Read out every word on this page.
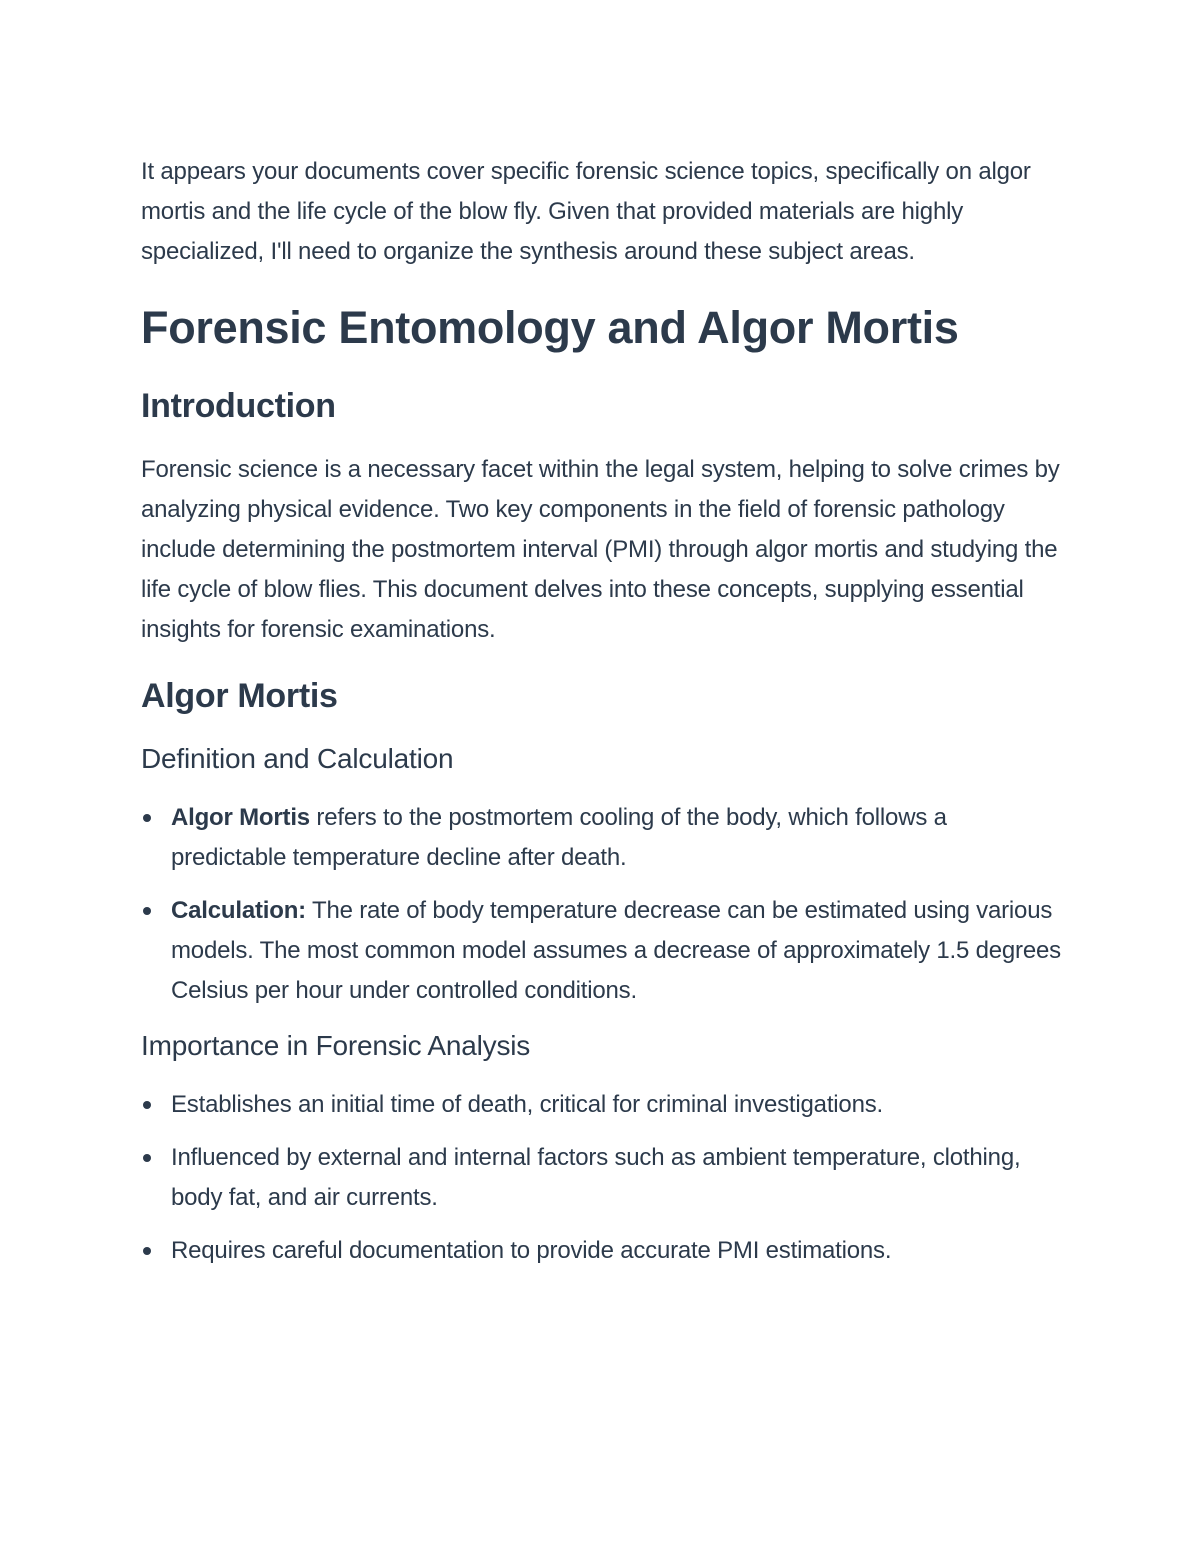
It appears your documents cover specific forensic science topics, specifically on algor mortis and the life cycle of the blow fly. Given that provided materials are highly specialized, I'll need to organize the synthesis around these subject areas.

Forensic Entomology and Algor Mortis
Introduction

Forensic science is a necessary facet within the legal system, helping to solve crimes by analyzing physical evidence. Two key components in the field of forensic pathology include determining the postmortem interval (PMI) through algor mortis and studying the life cycle of blow flies. This document delves into these concepts, supplying essential insights for forensic examinations.

Algor Mortis
Definition and Calculation
Algor Mortis refers to the postmortem cooling of the body, which follows a predictable temperature decline after death.
Calculation: The rate of body temperature decrease can be estimated using various models. The most common model assumes a decrease of approximately 1.5 degrees Celsius per hour under controlled conditions.
Importance in Forensic Analysis
Establishes an initial time of death, critical for criminal investigations.
Influenced by external and internal factors such as ambient temperature, clothing, body fat, and air currents.
Requires careful documentation to provide accurate PMI estimations.
